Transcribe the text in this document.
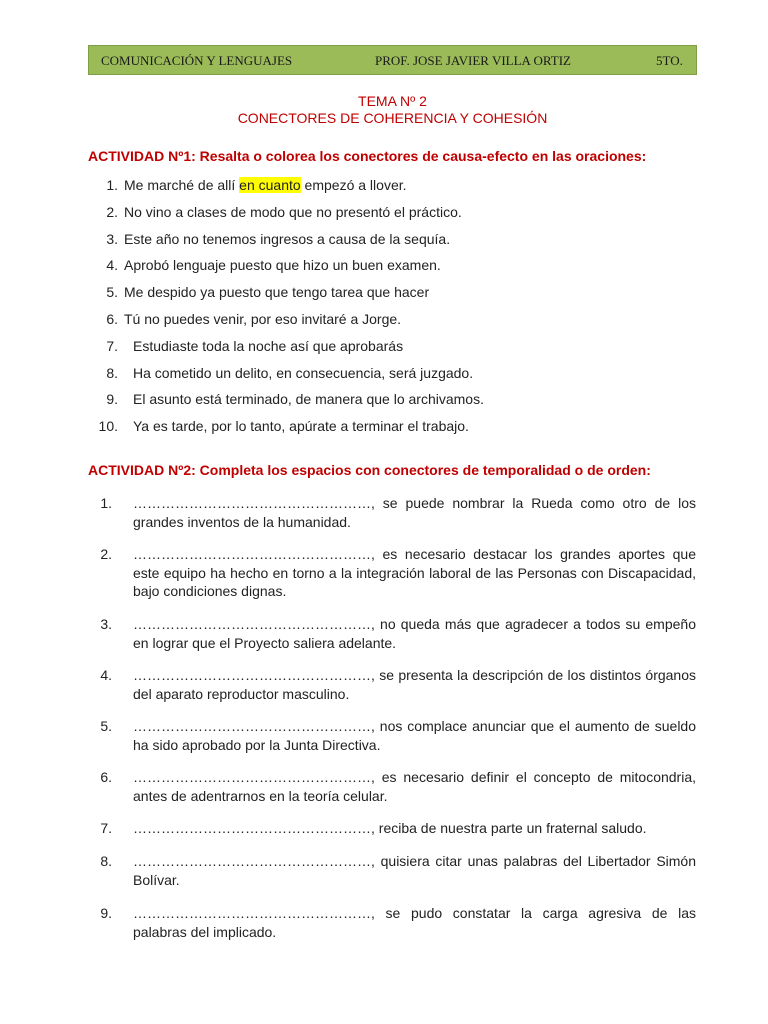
COMUNICACIÓN Y LENGUAJES	PROF. JOSE JAVIER VILLA ORTIZ	5TO.
TEMA Nº 2
CONECTORES DE COHERENCIA Y COHESIÓN
ACTIVIDAD Nº1: Resalta o colorea los conectores de causa-efecto en las oraciones:
1. Me marché de allí en cuanto empezó a llover.
2. No vino a clases de modo que no presentó el práctico.
3. Este año no tenemos ingresos a causa de la sequía.
4. Aprobó lenguaje puesto que hizo un buen examen.
5. Me despido ya puesto que tengo tarea que hacer
6. Tú no puedes venir, por eso invitaré a Jorge.
7. Estudiaste toda la noche así que aprobarás
8. Ha cometido un delito, en consecuencia, será juzgado.
9. El asunto está terminado, de manera que lo archivamos.
10. Ya es tarde, por lo tanto, apúrate a terminar el trabajo.
ACTIVIDAD Nº2: Completa los espacios con conectores de temporalidad o de orden:
1. ……………………………………………, se puede nombrar la Rueda como otro de los grandes inventos de la humanidad.
2. ……………………………………………, es necesario destacar los grandes aportes que este equipo ha hecho en torno a la integración laboral de las Personas con Discapacidad, bajo condiciones dignas.
3. ……………………………………………, no queda más que agradecer a todos su empeño en lograr que el Proyecto saliera adelante.
4. ……………………………………………, se presenta la descripción de los distintos órganos del aparato reproductor masculino.
5. ……………………………………………, nos complace anunciar que el aumento de sueldo ha sido aprobado por la Junta Directiva.
6. ……………………………………………, es necesario definir el concepto de mitocondria, antes de adentrarnos en la teoría celular.
7. ……………………………………………, reciba de nuestra parte un fraternal saludo.
8. ……………………………………………, quisiera citar unas palabras del Libertador Simón Bolívar.
9. ……………………………………………, se pudo constatar la carga agresiva de las palabras del implicado.
